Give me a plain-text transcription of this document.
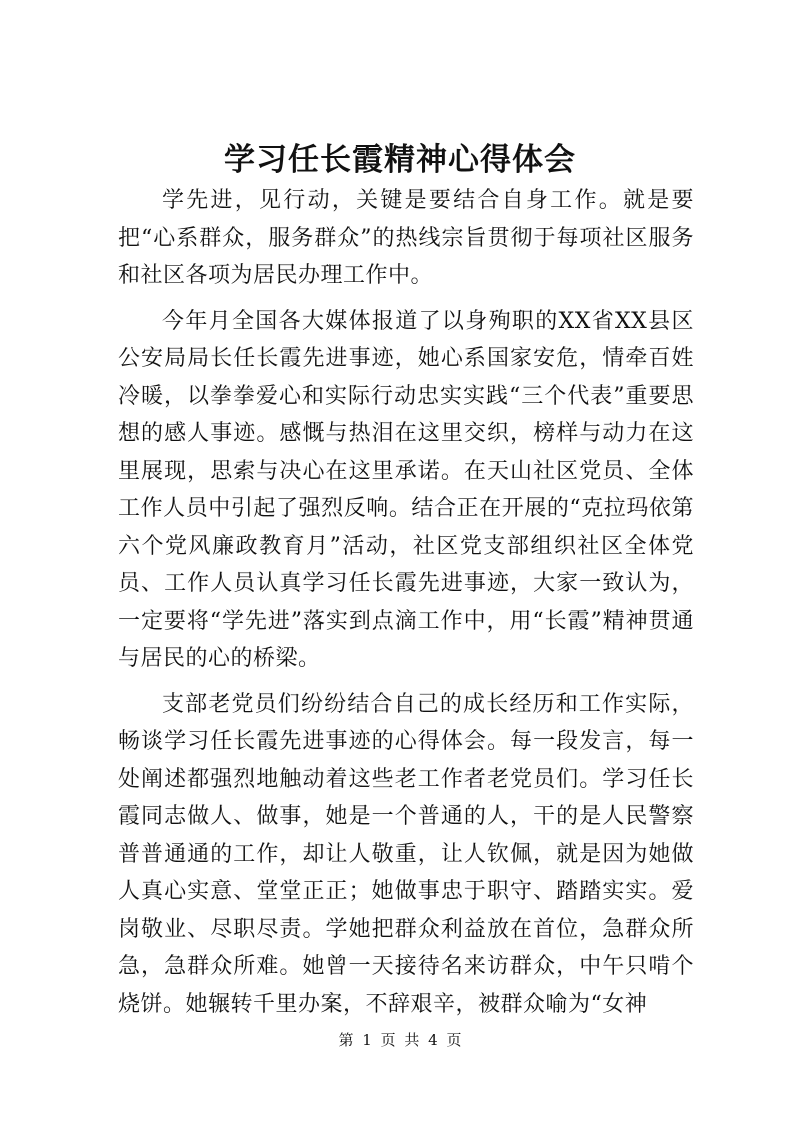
学习任长霞精神心得体会

学先进，见行动，关键是要结合自身工作。就是要把“心系群众，服务群众”的热线宗旨贯彻于每项社区服务和社区各项为居民办理工作中。

今年月全国各大媒体报道了以身殉职的XX省XX县区公安局局长任长霞先进事迹，她心系国家安危，情牵百姓冷暖，以拳拳爱心和实际行动忠实实践“三个代表”重要思想的感人事迹。感慨与热泪在这里交织，榜样与动力在这里展现，思索与决心在这里承诺。在天山社区党员、全体工作人员中引起了强烈反响。结合正在开展的“克拉玛依第六个党风廉政教育月”活动，社区党支部组织社区全体党员、工作人员认真学习任长霞先进事迹，大家一致认为，一定要将“学先进”落实到点滴工作中，用“长霞”精神贯通与居民的心的桥梁。

支部老党员们纷纷结合自己的成长经历和工作实际，畅谈学习任长霞先进事迹的心得体会。每一段发言，每一处阐述都强烈地触动着这些老工作者老党员们。学习任长霞同志做人、做事，她是一个普通的人，干的是人民警察普普通通的工作，却让人敬重，让人钦佩，就是因为她做人真心实意、堂堂正正；她做事忠于职守、踏踏实实。爱岗敬业、尽职尽责。学她把群众利益放在首位，急群众所急，急群众所难。她曾一天接待名来访群众，中午只啃个烧饼。她辗转千里办案，不辞艰辛，被群众喻为“女神

第 1 页 共 4 页
